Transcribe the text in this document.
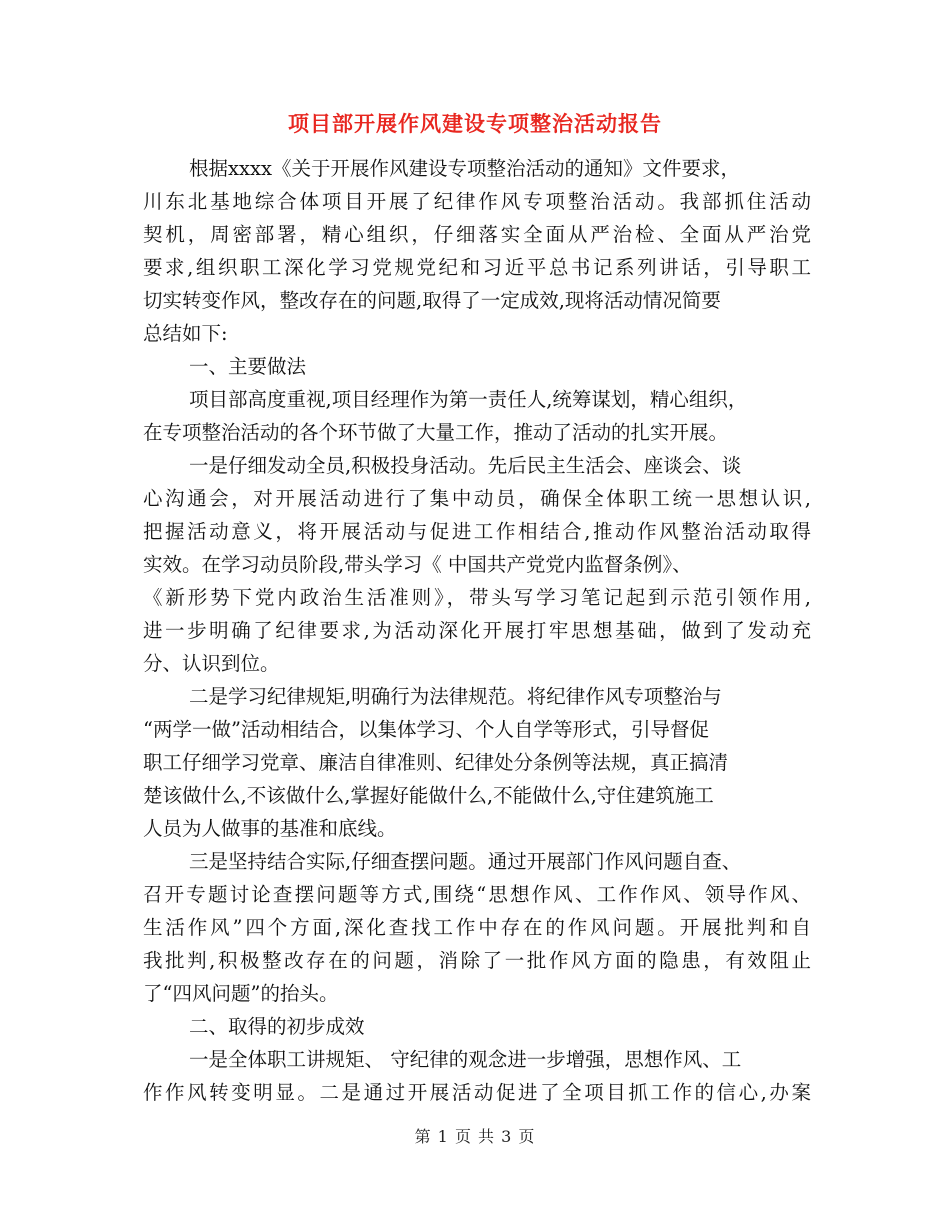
项目部开展作风建设专项整治活动报告
根据xxxx《关于开展作风建设专项整治活动的通知》文件要求，
川东北基地综合体项目开展了纪律作风专项整治活动。我部抓住活动
契机，周密部署，精心组织，仔细落实全面从严治检、全面从严治党
要求,组织职工深化学习党规党纪和习近平总书记系列讲话，引导职工
切实转变作风，整改存在的问题,取得了一定成效,现将活动情况简要
总结如下:
一、主要做法
项目部高度重视,项目经理作为第一责任人,统筹谋划，精心组织，
在专项整治活动的各个环节做了大量工作，推动了活动的扎实开展。
一是仔细发动全员,积极投身活动。先后民主生活会、座谈会、谈
心沟通会，对开展活动进行了集中动员，确保全体职工统一思想认识,
把握活动意义，将开展活动与促进工作相结合,推动作风整治活动取得
实效。在学习动员阶段,带头学习《 中国共产党党内监督条例》、
《新形势下党内政治生活准则》，带头写学习笔记起到示范引领作用,
进一步明确了纪律要求,为活动深化开展打牢思想基础，做到了发动充
分、认识到位。
二是学习纪律规矩,明确行为法律规范。将纪律作风专项整治与
“两学一做”活动相结合，以集体学习、个人自学等形式，引导督促
职工仔细学习党章、廉洁自律准则、纪律处分条例等法规，真正搞清
楚该做什么,不该做什么,掌握好能做什么,不能做什么,守住建筑施工
人员为人做事的基准和底线。
三是坚持结合实际,仔细查摆问题。通过开展部门作风问题自查、
召开专题讨论查摆问题等方式,围绕“思想作风、工作作风、领导作风、
生活作风”四个方面,深化查找工作中存在的作风问题。开展批判和自
我批判,积极整改存在的问题，消除了一批作风方面的隐患，有效阻止
了“四风问题”的抬头。
二、取得的初步成效
一是全体职工讲规矩、 守纪律的观念进一步增强，思想作风、工
作作风转变明显。二是通过开展活动促进了全项目抓工作的信心,办案
第 1 页 共 3 页
